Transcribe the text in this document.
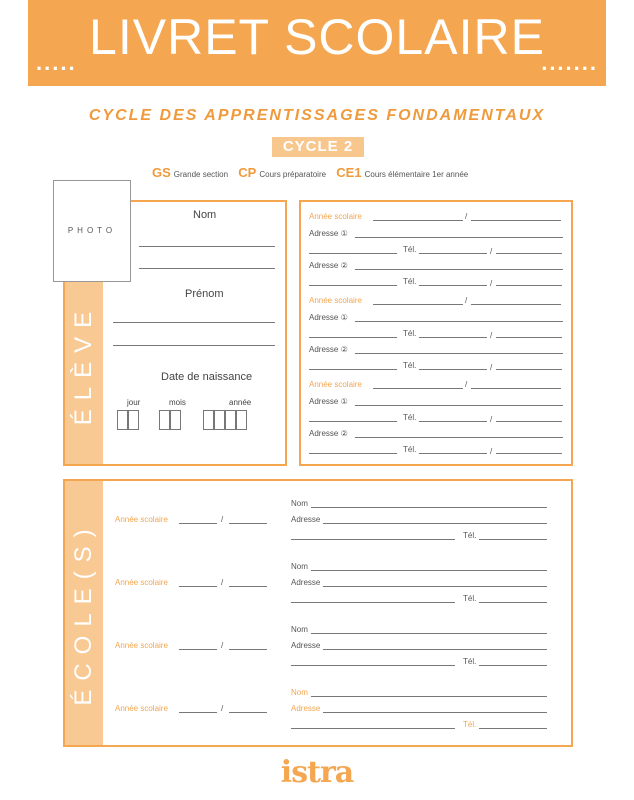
..... LIVRET SCOLAIRE
.......
CYCLE DES APPRENTISSAGES FONDAMENTAUX
CYCLE 2
GS Grande section CP Cours préparatoire CE1 Cours élémentaire 1er année
ÉLÈVE
Nom
Prénom
Date de naissance
jour	mois	année
PHOTO
Année scolaire	/
Adresse ①
Tél.	/
Adresse ②
Tél.	/
Année scolaire	/
Adresse ①
Tél.	/
Adresse ②
Tél.	/
Année scolaire	/
Adresse ①
Tél.	/
Adresse ②
Tél.	/
ÉCOLE(S)
Année scolaire	/
Nom
Adresse
Tél.
Année scolaire	/
Nom
Adresse
Tél.
Année scolaire	/
Nom
Adresse
Tél.
Année scolaire	/
Nom
Adresse
Tél.
istra
